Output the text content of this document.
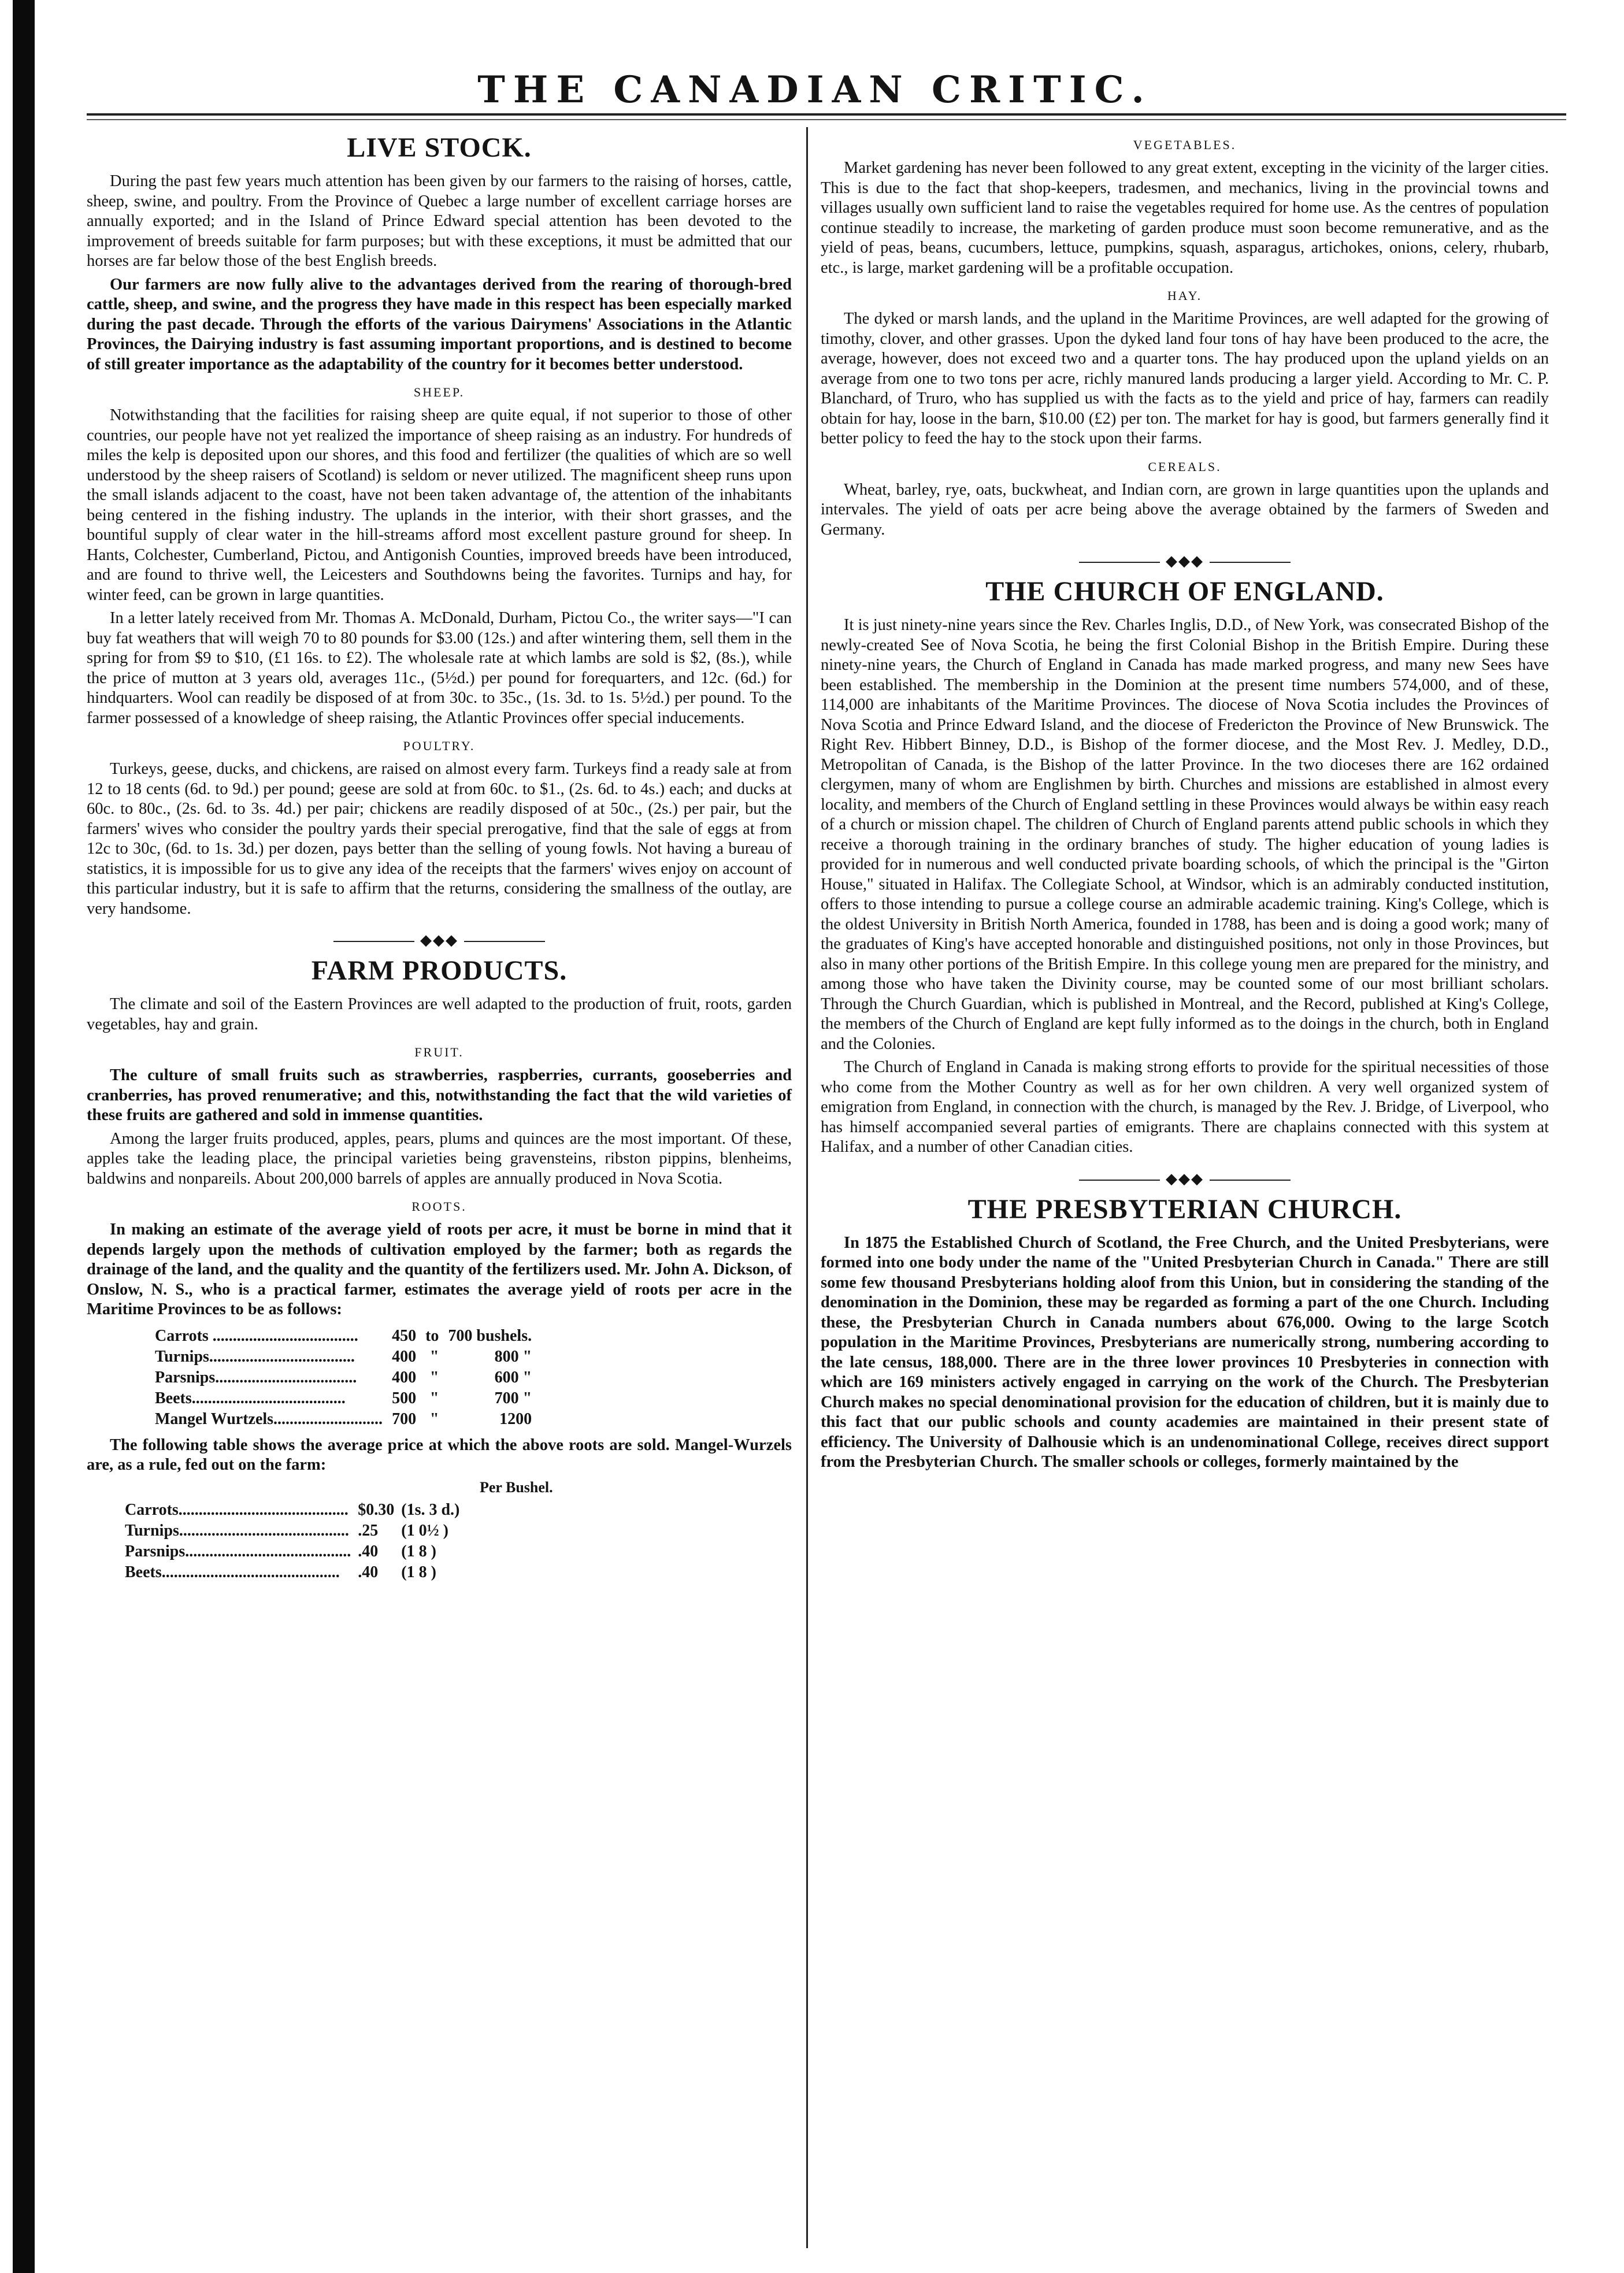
THE CANADIAN CRITIC.
LIVE STOCK.

During the past few years much attention has been given by our farmers to the raising of horses, cattle, sheep, swine, and poultry. From the Province of Quebec a large number of excellent carriage horses are annually exported; and in the Island of Prince Edward special attention has been devoted to the improvement of breeds suitable for farm purposes; but with these exceptions, it must be admitted that our horses are far below those of the best English breeds.

Our farmers are now fully alive to the advantages derived from the rearing of thorough-bred cattle, sheep, and swine, and the progress they have made in this respect has been especially marked during the past decade. Through the efforts of the various Dairymens' Associations in the Atlantic Provinces, the Dairying industry is fast assuming important proportions, and is destined to become of still greater importance as the adaptability of the country for it becomes better understood.

SHEEP.

Notwithstanding that the facilities for raising sheep are quite equal, if not superior to those of other countries, our people have not yet realized the importance of sheep raising as an industry. For hundreds of miles the kelp is deposited upon our shores, and this food and fertilizer (the qualities of which are so well understood by the sheep raisers of Scotland) is seldom or never utilized. The magnificent sheep runs upon the small islands adjacent to the coast, have not been taken advantage of, the attention of the inhabitants being centered in the fishing industry. The uplands in the interior, with their short grasses, and the bountiful supply of clear water in the hill-streams afford most excellent pasture ground for sheep. In Hants, Colchester, Cumberland, Pictou, and Antigonish Counties, improved breeds have been introduced, and are found to thrive well, the Leicesters and Southdowns being the favorites. Turnips and hay, for winter feed, can be grown in large quantities.

In a letter lately received from Mr. Thomas A. McDonald, Durham, Pictou Co., the writer says—"I can buy fat weathers that will weigh 70 to 80 pounds for $3.00 (12s.) and after wintering them, sell them in the spring for from $9 to $10, (£1 16s. to £2). The wholesale rate at which lambs are sold is $2, (8s.), while the price of mutton at 3 years old, averages 11c., (5½d.) per pound for forequarters, and 12c. (6d.) for hindquarters. Wool can readily be disposed of at from 30c. to 35c., (1s. 3d. to 1s. 5½d.) per pound. To the farmer possessed of a knowledge of sheep raising, the Atlantic Provinces offer special inducements.

POULTRY.

Turkeys, geese, ducks, and chickens, are raised on almost every farm. Turkeys find a ready sale at from 12 to 18 cents (6d. to 9d.) per pound; geese are sold at from 60c. to $1., (2s. 6d. to 4s.) each; and ducks at 60c. to 80c., (2s. 6d. to 3s. 4d.) per pair; chickens are readily disposed of at 50c., (2s.) per pair, but the farmers' wives who consider the poultry yards their special prerogative, find that the sale of eggs at from 12c to 30c, (6d. to 1s. 3d.) per dozen, pays better than the selling of young fowls. Not having a bureau of statistics, it is impossible for us to give any idea of the receipts that the farmers' wives enjoy on account of this particular industry, but it is safe to affirm that the returns, considering the smallness of the outlay, are very handsome.

◆◆◆
FARM PRODUCTS.

The climate and soil of the Eastern Provinces are well adapted to the production of fruit, roots, garden vegetables, hay and grain.

FRUIT.

The culture of small fruits such as strawberries, raspberries, currants, gooseberries and cranberries, has proved renumerative; and this, notwithstanding the fact that the wild varieties of these fruits are gathered and sold in immense quantities.

Among the larger fruits produced, apples, pears, plums and quinces are the most important. Of these, apples take the leading place, the principal varieties being gravensteins, ribston pippins, blenheims, baldwins and nonpareils. About 200,000 barrels of apples are annually produced in Nova Scotia.

ROOTS.

In making an estimate of the average yield of roots per acre, it must be borne in mind that it depends largely upon the methods of cultivation employed by the farmer; both as regards the drainage of the land, and the quality and the quantity of the fertilizers used. Mr. John A. Dickson, of Onslow, N. S., who is a practical farmer, estimates the average yield of roots per acre in the Maritime Provinces to be as follows:

Carrots ....................................	450	to	700 bushels.
Turnips....................................	400	"	800 "
Parsnips...................................	400	"	600 "
Beets......................................	500	"	700 "
Mangel Wurtzels...........................	700	"	1200

The following table shows the average price at which the above roots are sold. Mangel-Wurzels are, as a rule, fed out on the farm:

Per Bushel.
Carrots..........................................	$0.30	(1s. 3 d.)
Turnips..........................................	.25	(1 0½ )
Parsnips.........................................	.40	(1 8 )
Beets............................................	.40	(1 8 )
VEGETABLES.

Market gardening has never been followed to any great extent, excepting in the vicinity of the larger cities. This is due to the fact that shop-keepers, tradesmen, and mechanics, living in the provincial towns and villages usually own sufficient land to raise the vegetables required for home use. As the centres of population continue steadily to increase, the marketing of garden produce must soon become remunerative, and as the yield of peas, beans, cucumbers, lettuce, pumpkins, squash, asparagus, artichokes, onions, celery, rhubarb, etc., is large, market gardening will be a profitable occupation.

HAY.

The dyked or marsh lands, and the upland in the Maritime Provinces, are well adapted for the growing of timothy, clover, and other grasses. Upon the dyked land four tons of hay have been produced to the acre, the average, however, does not exceed two and a quarter tons. The hay produced upon the upland yields on an average from one to two tons per acre, richly manured lands producing a larger yield. According to Mr. C. P. Blanchard, of Truro, who has supplied us with the facts as to the yield and price of hay, farmers can readily obtain for hay, loose in the barn, $10.00 (£2) per ton. The market for hay is good, but farmers generally find it better policy to feed the hay to the stock upon their farms.

CEREALS.

Wheat, barley, rye, oats, buckwheat, and Indian corn, are grown in large quantities upon the uplands and intervales. The yield of oats per acre being above the average obtained by the farmers of Sweden and Germany.

◆◆◆
THE CHURCH OF ENGLAND.

It is just ninety-nine years since the Rev. Charles Inglis, D.D., of New York, was consecrated Bishop of the newly-created See of Nova Scotia, he being the first Colonial Bishop in the British Empire. During these ninety-nine years, the Church of England in Canada has made marked progress, and many new Sees have been established. The membership in the Dominion at the present time numbers 574,000, and of these, 114,000 are inhabitants of the Maritime Provinces. The diocese of Nova Scotia includes the Provinces of Nova Scotia and Prince Edward Island, and the diocese of Fredericton the Province of New Brunswick. The Right Rev. Hibbert Binney, D.D., is Bishop of the former diocese, and the Most Rev. J. Medley, D.D., Metropolitan of Canada, is the Bishop of the latter Province. In the two dioceses there are 162 ordained clergymen, many of whom are Englishmen by birth. Churches and missions are established in almost every locality, and members of the Church of England settling in these Provinces would always be within easy reach of a church or mission chapel. The children of Church of England parents attend public schools in which they receive a thorough training in the ordinary branches of study. The higher education of young ladies is provided for in numerous and well conducted private boarding schools, of which the principal is the "Girton House," situated in Halifax. The Collegiate School, at Windsor, which is an admirably conducted institution, offers to those intending to pursue a college course an admirable academic training. King's College, which is the oldest University in British North America, founded in 1788, has been and is doing a good work; many of the graduates of King's have accepted honorable and distinguished positions, not only in those Provinces, but also in many other portions of the British Empire. In this college young men are prepared for the ministry, and among those who have taken the Divinity course, may be counted some of our most brilliant scholars. Through the Church Guardian, which is published in Montreal, and the Record, published at King's College, the members of the Church of England are kept fully informed as to the doings in the church, both in England and the Colonies.

The Church of England in Canada is making strong efforts to provide for the spiritual necessities of those who come from the Mother Country as well as for her own children. A very well organized system of emigration from England, in connection with the church, is managed by the Rev. J. Bridge, of Liverpool, who has himself accompanied several parties of emigrants. There are chaplains connected with this system at Halifax, and a number of other Canadian cities.

◆◆◆
THE PRESBYTERIAN CHURCH.

In 1875 the Established Church of Scotland, the Free Church, and the United Presbyterians, were formed into one body under the name of the "United Presbyterian Church in Canada." There are still some few thousand Presbyterians holding aloof from this Union, but in considering the standing of the denomination in the Dominion, these may be regarded as forming a part of the one Church. Including these, the Presbyterian Church in Canada numbers about 676,000. Owing to the large Scotch population in the Maritime Provinces, Presbyterians are numerically strong, numbering according to the late census, 188,000. There are in the three lower provinces 10 Presbyteries in connection with which are 169 ministers actively engaged in carrying on the work of the Church. The Presbyterian Church makes no special denominational provision for the education of children, but it is mainly due to this fact that our public schools and county academies are maintained in their present state of efficiency. The University of Dalhousie which is an undenominational College, receives direct support from the Presbyterian Church. The smaller schools or colleges, formerly maintained by the
